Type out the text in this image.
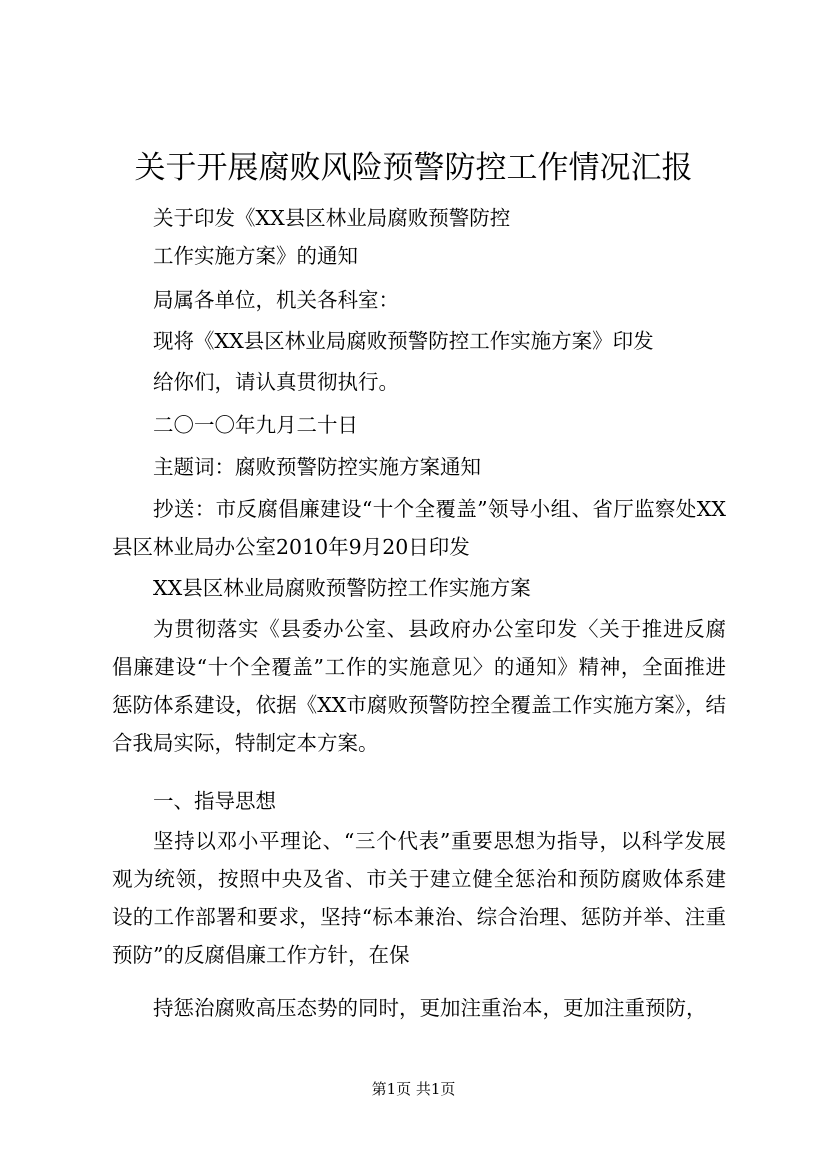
关于开展腐败风险预警防控工作情况汇报
关于印发《XX县区林业局腐败预警防控
工作实施方案》的通知
局属各单位，机关各科室：
现将《XX县区林业局腐败预警防控工作实施方案》印发
给你们，请认真贯彻执行。
二〇一〇年九月二十日
主题词：腐败预警防控实施方案通知

抄送：市反腐倡廉建设“十个全覆盖”领导小组、省厅监察处XX县区林业局办公室2010年9月20日印发

XX县区林业局腐败预警防控工作实施方案

为贯彻落实《县委办公室、县政府办公室印发〈关于推进反腐倡廉建设“十个全覆盖”工作的实施意见〉的通知》精神，全面推进惩防体系建设，依据《XX市腐败预警防控全覆盖工作实施方案》，结合我局实际，特制定本方案。

一、指导思想

坚持以邓小平理论、“三个代表”重要思想为指导，以科学发展观为统领，按照中央及省、市关于建立健全惩治和预防腐败体系建设的工作部署和要求，坚持“标本兼治、综合治理、惩防并举、注重预防”的反腐倡廉工作方针，在保

持惩治腐败高压态势的同时，更加注重治本，更加注重预防，

第1页 共1页
